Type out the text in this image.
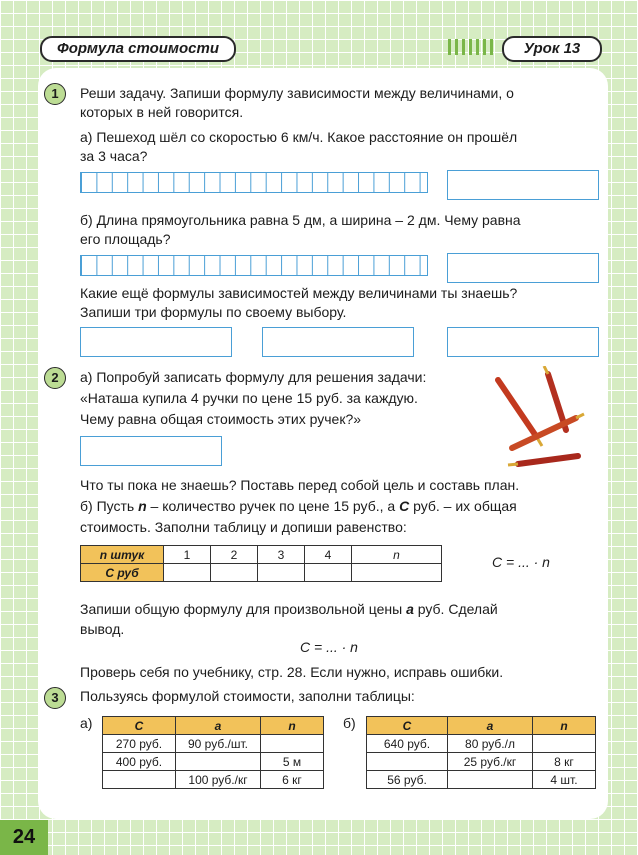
Формула стоимости	Урок 13
1	Реши задачу. Запиши формулу зависимости между величинами, о
которых в ней говорится.
а) Пешеход шёл со скоростью 6 км/ч. Какое расстояние он прошёл
за 3 часа?
б) Длина прямоугольника равна 5 дм, а ширина – 2 дм. Чему равна
его площадь?
Какие ещё формулы зависимостей между величинами ты знаешь?
Запиши три формулы по своему выбору.
2	а) Попробуй записать формулу для решения задачи:
«Наташа купила 4 ручки по цене 15 руб. за каждую.
Чему равна общая стоимость этих ручек?»
Что ты пока не знаешь? Поставь перед собой цель и составь план.
б) Пусть n – количество ручек по цене 15 руб., а C руб. – их общая
стоимость. Заполни таблицу и допиши равенство:
n штук	1	2	3	4	n
C руб					
C = ... · n
Запиши общую формулу для произвольной цены a руб. Сделай
вывод.
C = ... · n
Проверь себя по учебнику, стр. 28. Если нужно, исправь ошибки.
3	Пользуясь формулой стоимости, заполни таблицы:
а)	б)
C	a	n
270 руб.	90 руб./шт.	
400 руб.		5 м
	100 руб./кг	6 кг
C	a	n
640 руб.	80 руб./л	
	25 руб./кг	8 кг
56 руб.		4 шт.
24
